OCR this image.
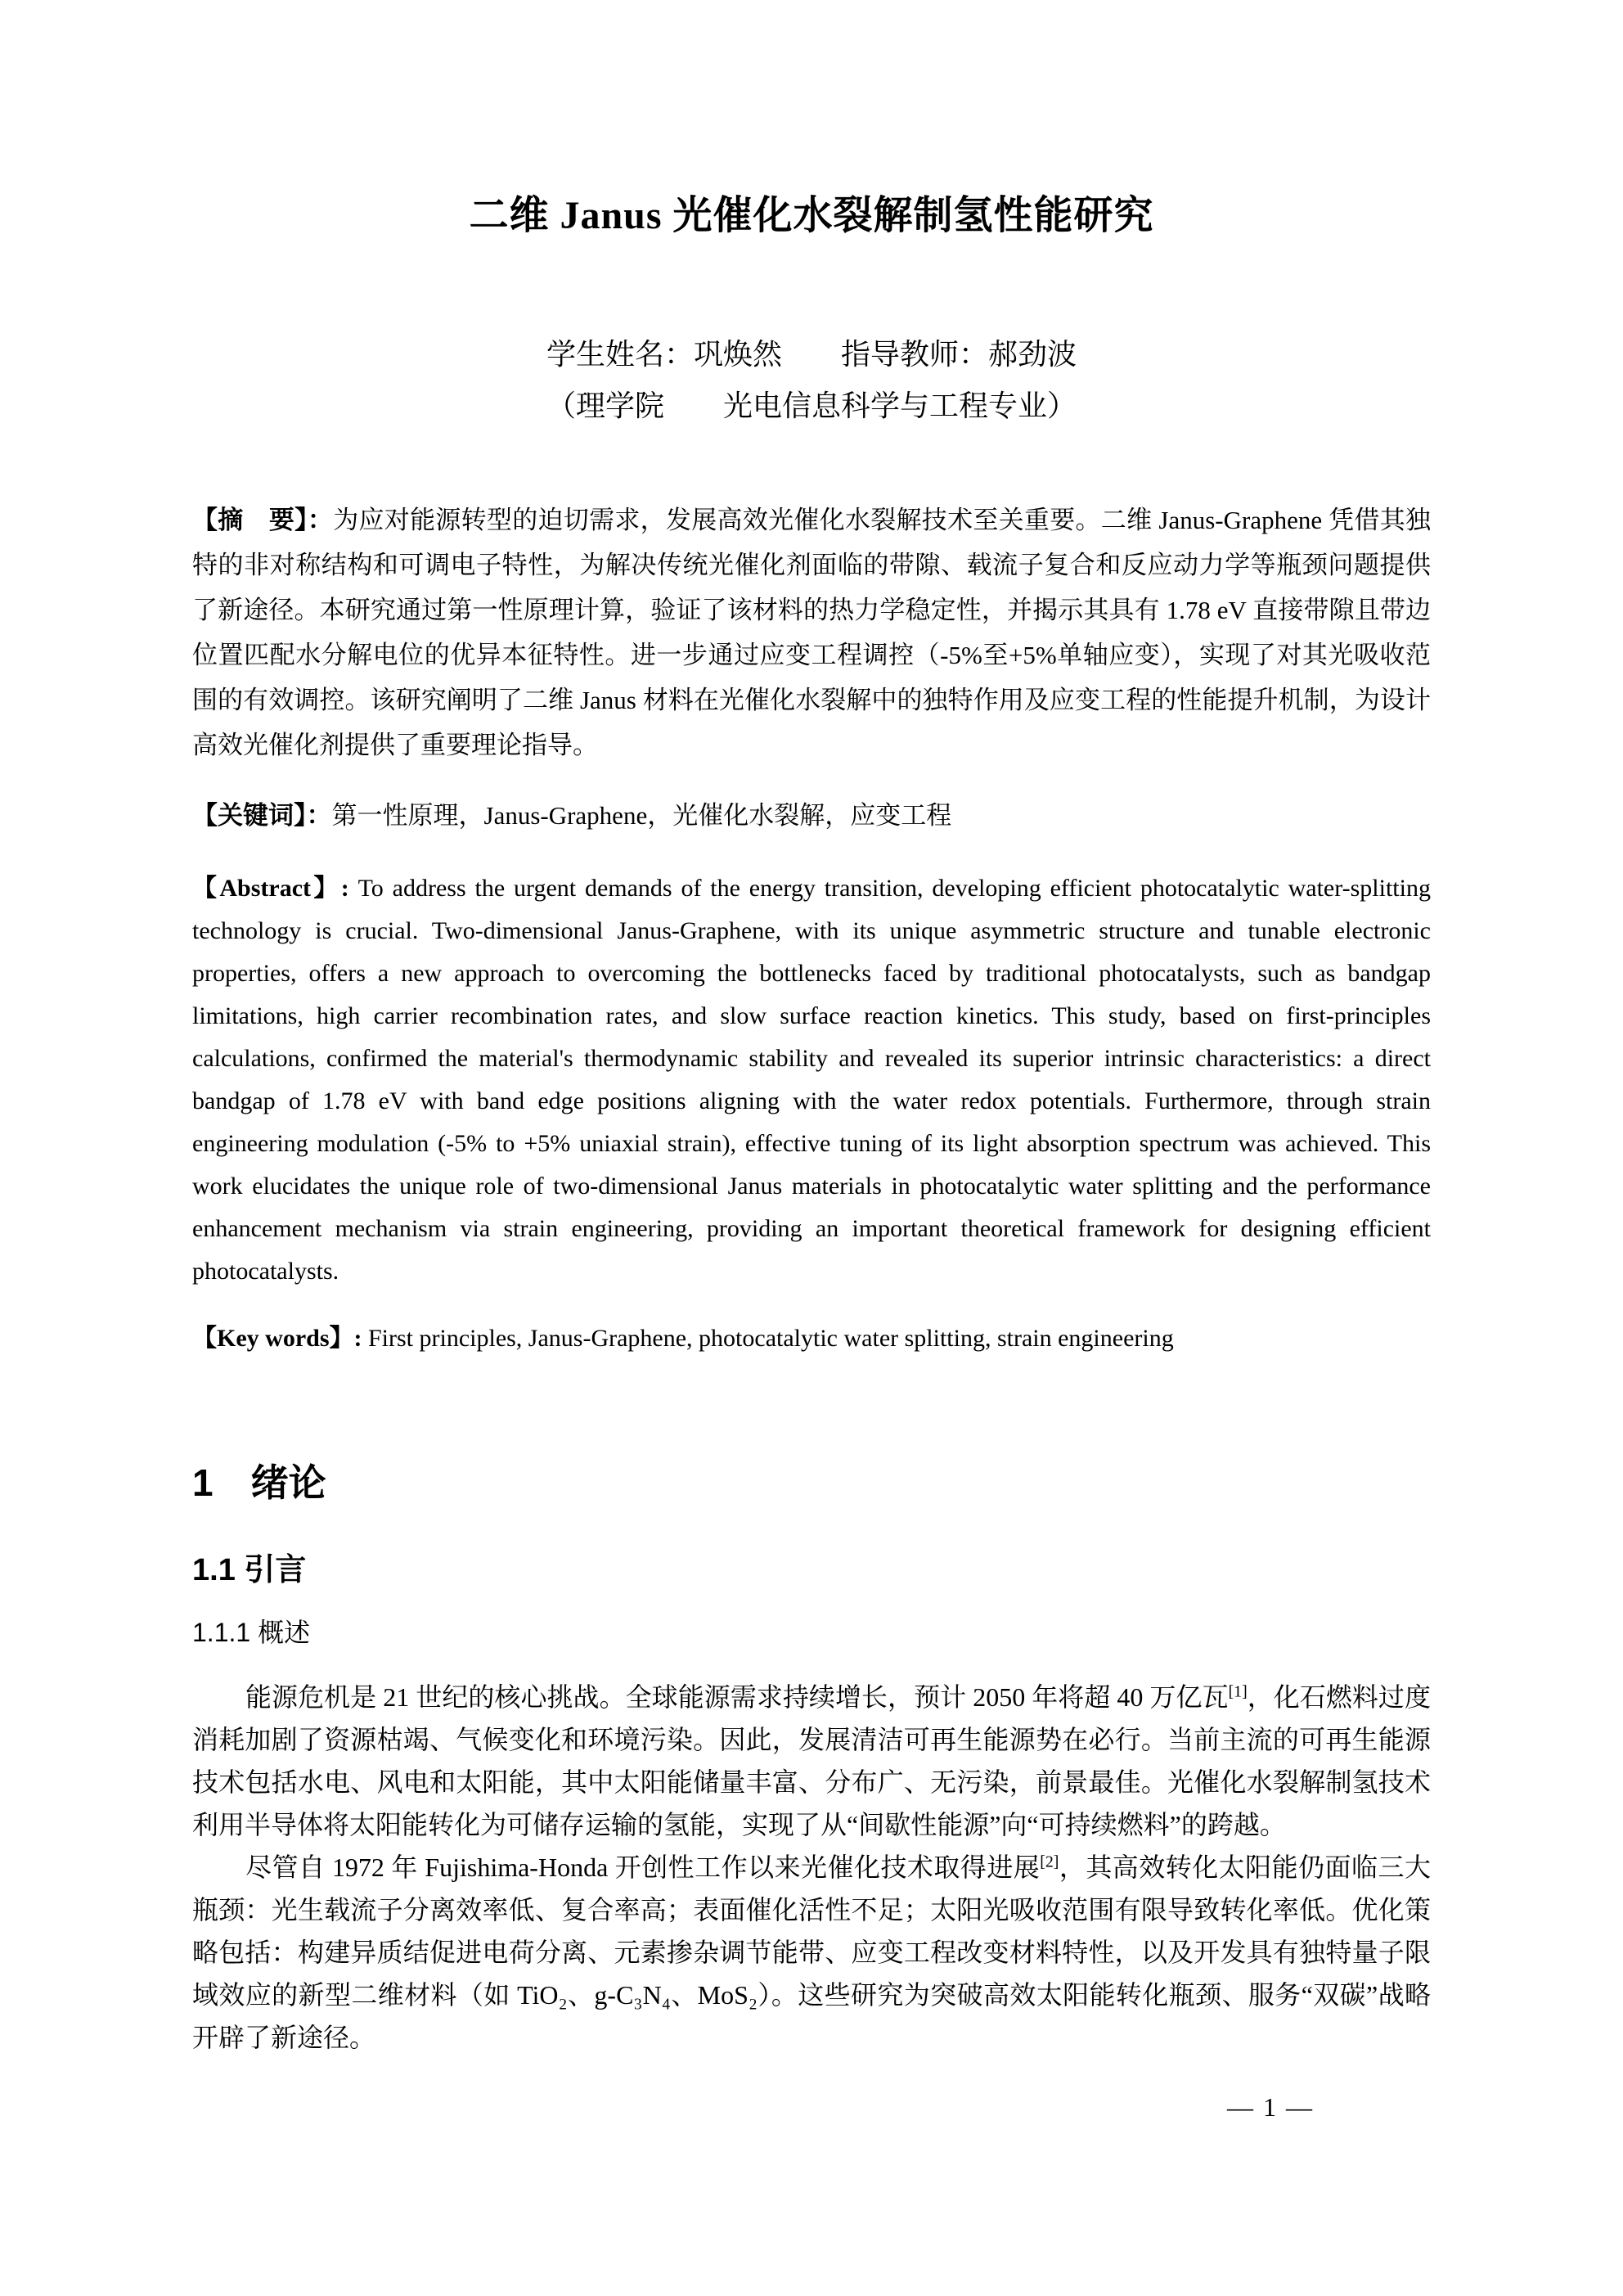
二维 Janus 光催化水裂解制氢性能研究
学生姓名：巩焕然　　指导教师：郝劲波
（理学院　　光电信息科学与工程专业）

【摘　要】：为应对能源转型的迫切需求，发展高效光催化水裂解技术至关重要。二维 Janus-Graphene 凭借其独特的非对称结构和可调电子特性，为解决传统光催化剂面临的带隙、载流子复合和反应动力学等瓶颈问题提供了新途径。本研究通过第一性原理计算，验证了该材料的热力学稳定性，并揭示其具有 1.78 eV 直接带隙且带边位置匹配水分解电位的优异本征特性。进一步通过应变工程调控（-5%至+5%单轴应变），实现了对其光吸收范围的有效调控。该研究阐明了二维 Janus 材料在光催化水裂解中的独特作用及应变工程的性能提升机制，为设计高效光催化剂提供了重要理论指导。

【关键词】：第一性原理，Janus-Graphene，光催化水裂解，应变工程

【Abstract】: To address the urgent demands of the energy transition, developing efficient photocatalytic water-splitting technology is crucial. Two-dimensional Janus-Graphene, with its unique asymmetric structure and tunable electronic properties, offers a new approach to overcoming the bottlenecks faced by traditional photocatalysts, such as bandgap limitations, high carrier recombination rates, and slow surface reaction kinetics. This study, based on first-principles calculations, confirmed the material's thermodynamic stability and revealed its superior intrinsic characteristics: a direct bandgap of 1.78 eV with band edge positions aligning with the water redox potentials. Furthermore, through strain engineering modulation (-5% to +5% uniaxial strain), effective tuning of its light absorption spectrum was achieved. This work elucidates the unique role of two-dimensional Janus materials in photocatalytic water splitting and the performance enhancement mechanism via strain engineering, providing an important theoretical framework for designing efficient photocatalysts.

【Key words】: First principles, Janus-Graphene, photocatalytic water splitting, strain engineering

1　绪论
1.1 引言
1.1.1 概述

能源危机是 21 世纪的核心挑战。全球能源需求持续增长，预计 2050 年将超 40 万亿瓦[1]，化石燃料过度消耗加剧了资源枯竭、气候变化和环境污染。因此，发展清洁可再生能源势在必行。当前主流的可再生能源技术包括水电、风电和太阳能，其中太阳能储量丰富、分布广、无污染，前景最佳。光催化水裂解制氢技术利用半导体将太阳能转化为可储存运输的氢能，实现了从“间歇性能源”向“可持续燃料”的跨越。

尽管自 1972 年 Fujishima-Honda 开创性工作以来光催化技术取得进展[2]，其高效转化太阳能仍面临三大瓶颈：光生载流子分离效率低、复合率高；表面催化活性不足；太阳光吸收范围有限导致转化率低。优化策略包括：构建异质结促进电荷分离、元素掺杂调节能带、应变工程改变材料特性，以及开发具有独特量子限域效应的新型二维材料（如 TiO₂、g-C₃N₄、MoS₂）。这些研究为突破高效太阳能转化瓶颈、服务“双碳”战略开辟了新途径。

— 1 —
